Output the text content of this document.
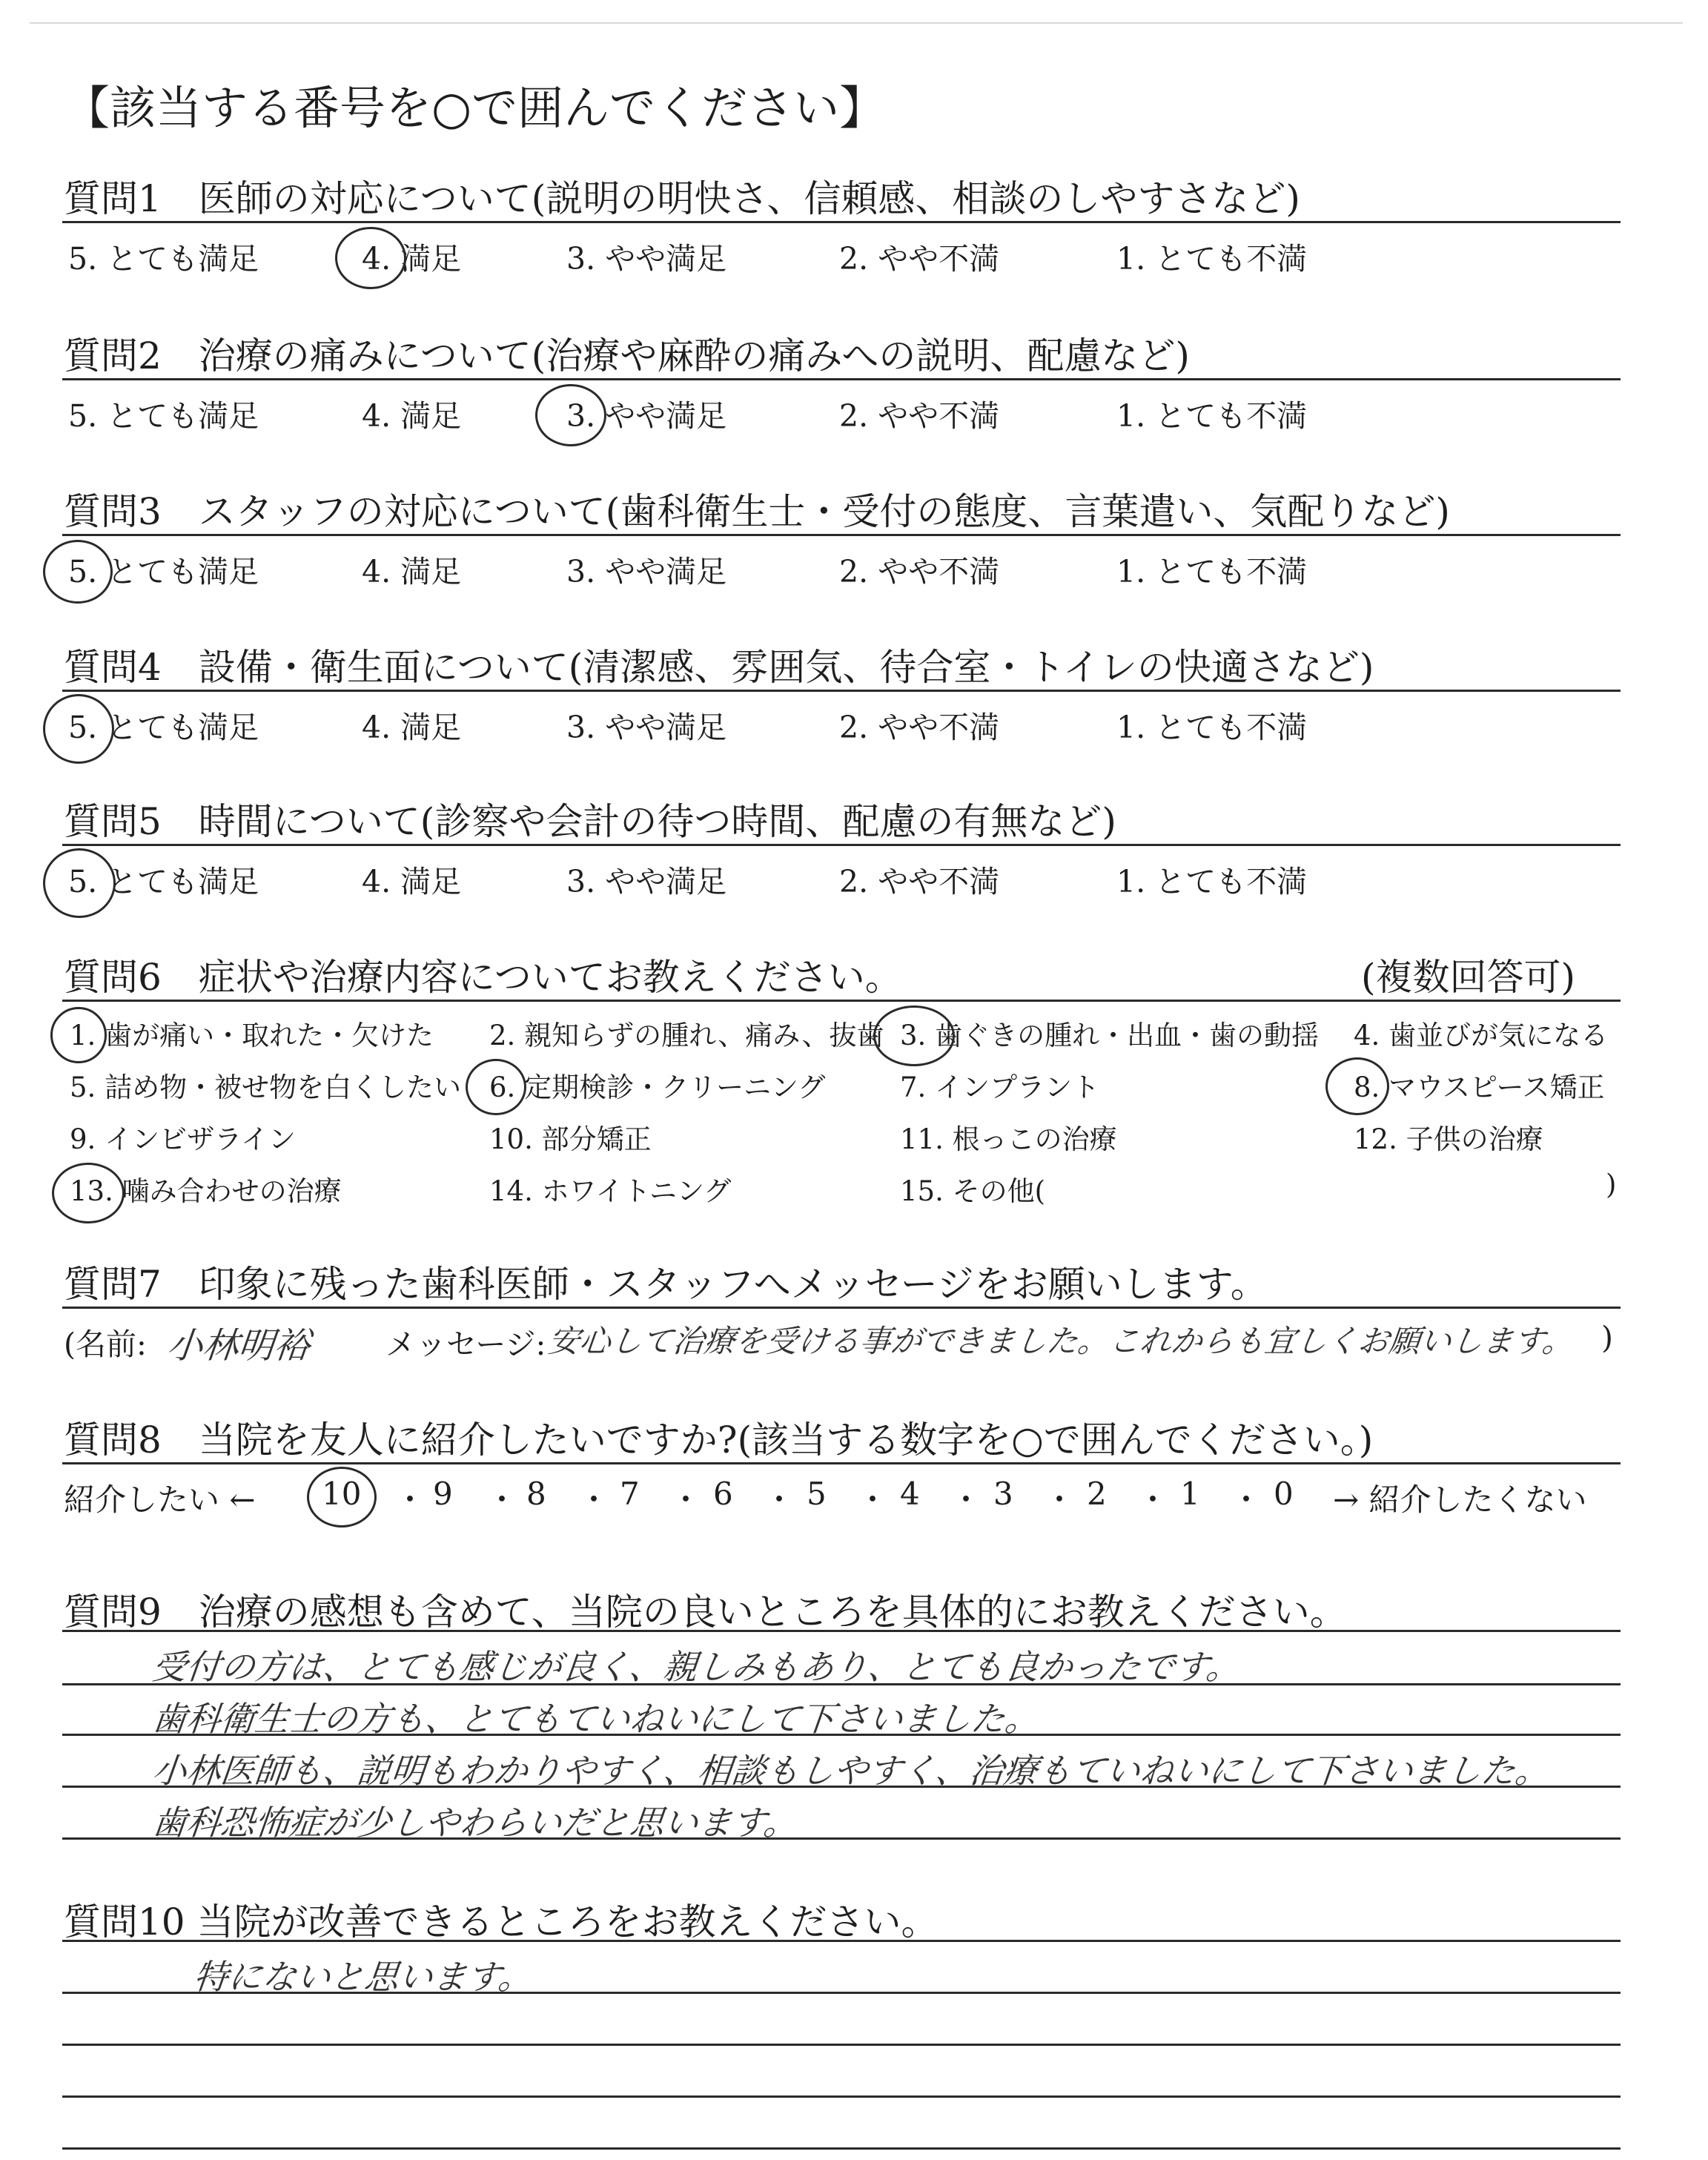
【該当する番号を○で囲んでください】
質問1　医師の対応について(説明の明快さ、信頼感、相談のしやすさなど)
5. とても満足	4. 満足	3. やや満足	2. やや不満	1. とても不満
質問2　治療の痛みについて(治療や麻酔の痛みへの説明、配慮など)
5. とても満足	4. 満足	3. やや満足	2. やや不満	1. とても不満
質問3　スタッフの対応について(歯科衛生士・受付の態度、言葉遣い、気配りなど)
5. とても満足	4. 満足	3. やや満足	2. やや不満	1. とても不満
質問4　設備・衛生面について(清潔感、雰囲気、待合室・トイレの快適さなど)
5. とても満足	4. 満足	3. やや満足	2. やや不満	1. とても不満
質問5　時間について(診察や会計の待つ時間、配慮の有無など)
5. とても満足	4. 満足	3. やや満足	2. やや不満	1. とても不満
質問6　症状や治療内容についてお教えください。	(複数回答可)
1. 歯が痛い・取れた・欠けた 2. 親知らずの腫れ、痛み、抜歯 3. 歯ぐきの腫れ・出血・歯の動揺 4. 歯並びが気になる
5. 詰め物・被せ物を白くしたい 6. 定期検診・クリーニング	7. インプラント	8. マウスピース矯正
9. インビザライン	10. 部分矯正	11. 根っこの治療	12. 子供の治療
13. 噛み合わせの治療	14. ホワイトニング	15. その他(	)
質問7　印象に残った歯科医師・スタッフへメッセージをお願いします。
(名前: 小林明裕 メッセージ: 安心して治療を受ける事ができました。これからも宜しくお願いします。 )
質問8　当院を友人に紹介したいですか?(該当する数字を○で囲んでください。)
紹介したい ← 10 ・ 9 ・ 8 ・ 7 ・ 6 ・ 5 ・ 4 ・ 3 ・ 2 ・ 1 ・ 0 → 紹介したくない
質問9　治療の感想も含めて、当院の良いところを具体的にお教えください。
受付の方は、とても感じが良く、親しみもあり、とても良かったです。
歯科衛生士の方も、とてもていねいにして下さいました。
小林医師も、説明もわかりやすく、相談もしやすく、治療もていねいにして下さいました。
歯科恐怖症が少しやわらいだと思います。
質問10 当院が改善できるところをお教えください。
特にないと思います。
